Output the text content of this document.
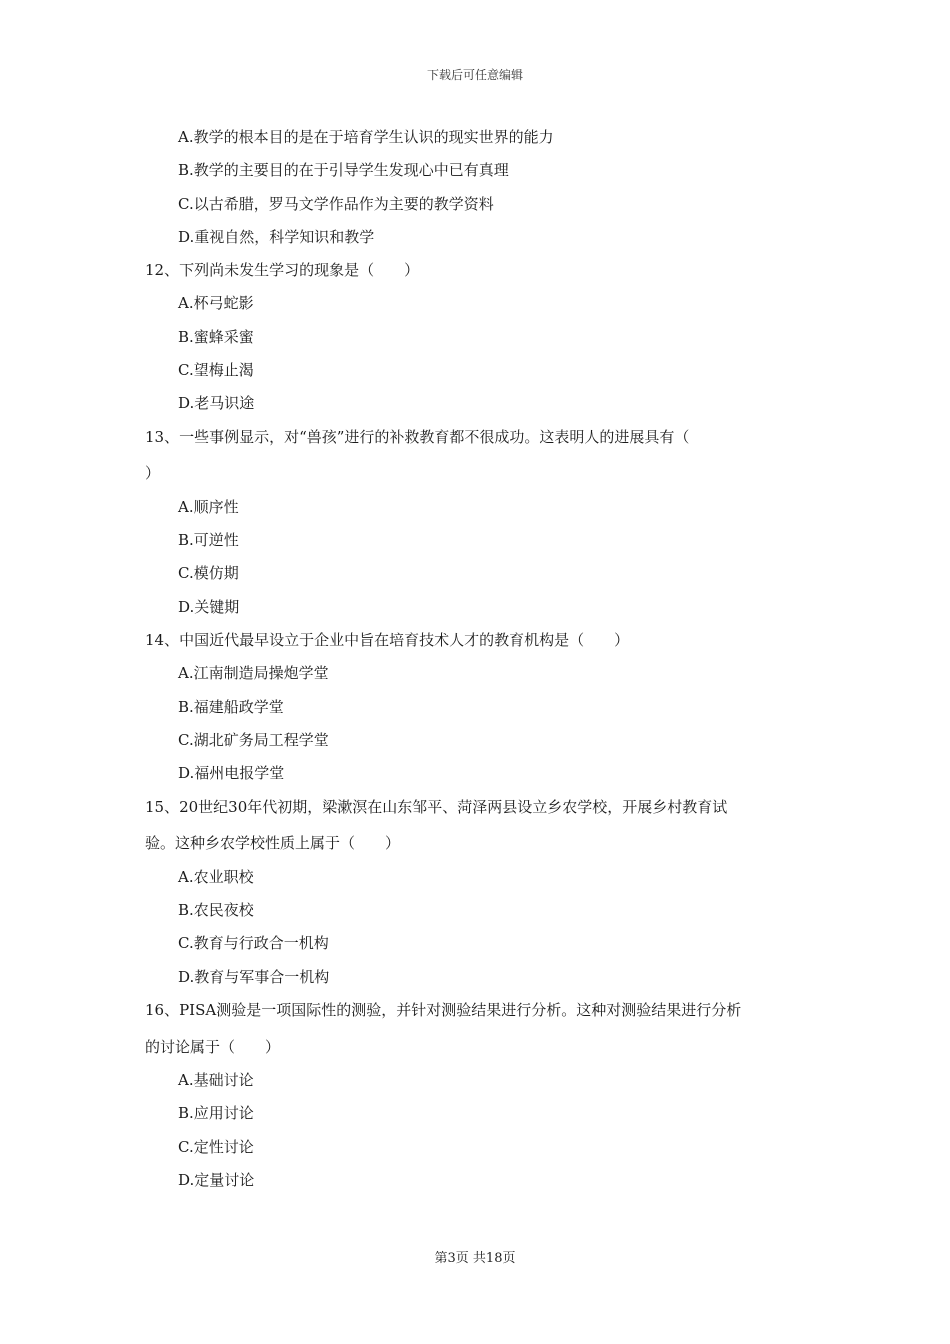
下载后可任意编辑
A.教学的根本目的是在于培育学生认识的现实世界的能力
B.教学的主要目的在于引导学生发现心中已有真理
C.以古希腊，罗马文学作品作为主要的教学资料
D.重视自然，科学知识和教学
12、下列尚未发生学习的现象是（　　）
A.杯弓蛇影
B.蜜蜂采蜜
C.望梅止渴
D.老马识途
13、一些事例显示，对“兽孩”进行的补救教育都不很成功。这表明人的进展具有（
）
A.顺序性
B.可逆性
C.模仿期
D.关键期
14、中国近代最早设立于企业中旨在培育技术人才的教育机构是（　　）
A.江南制造局操炮学堂
B.福建船政学堂
C.湖北矿务局工程学堂
D.福州电报学堂
15、20世纪30年代初期，梁漱溟在山东邹平、菏泽两县设立乡农学校，开展乡村教育试
验。这种乡农学校性质上属于（　　）
A.农业职校
B.农民夜校
C.教育与行政合一机构
D.教育与军事合一机构
16、PISA测验是一项国际性的测验，并针对测验结果进行分析。这种对测验结果进行分析
的讨论属于（　　）
A.基础讨论
B.应用讨论
C.定性讨论
D.定量讨论
第3页 共18页
